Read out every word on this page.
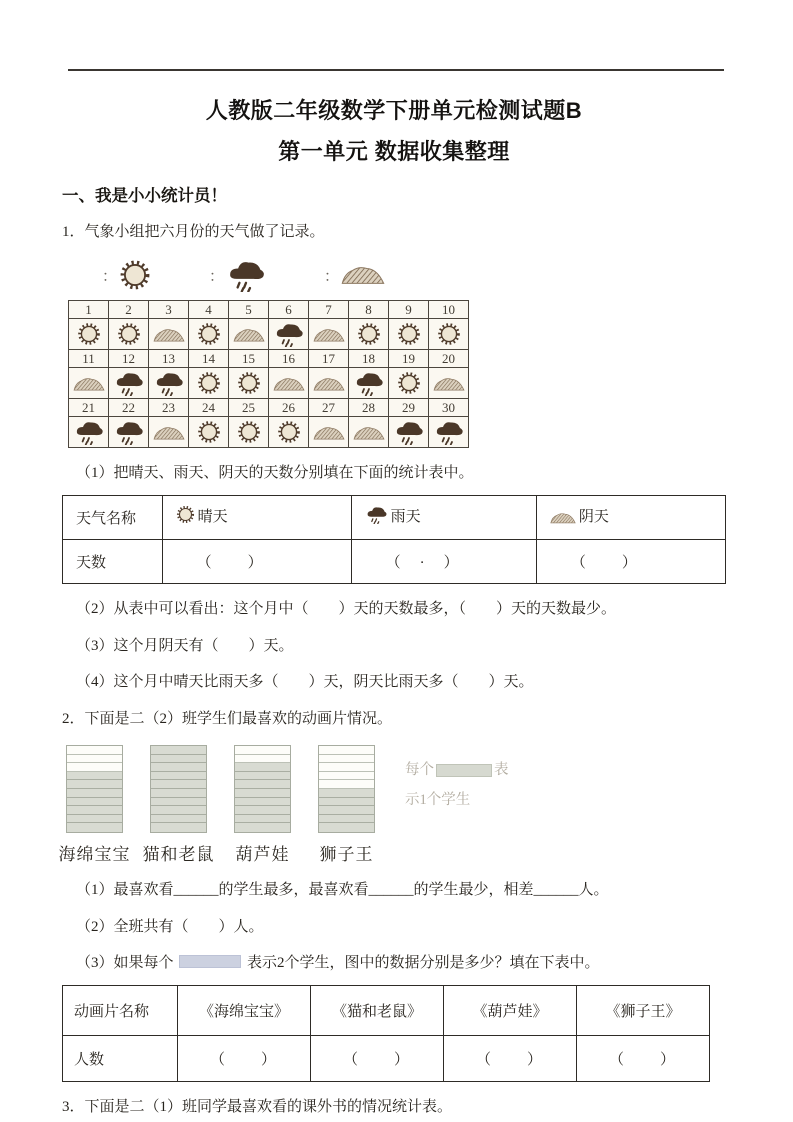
人教版二年级数学下册单元检测试题B
第一单元 数据收集整理
一、我是小小统计员！

1．气象小组把六月份的天气做了记录。

：	：	：
1	2	3	4	5	6	7	8	9	10

11	12	13	14	15	16	17	18	19	20

21	22	23	24	25	26	27	28	29	30

（1）把晴天、雨天、阴天的天数分别填在下面的统计表中。

天气名称	晴天	雨天	阴天
天数	（　　）	（　·　）	（　　）

（2）从表中可以看出：这个月中（　　）天的天数最多，（　　）天的天数最少。

（3）这个月阴天有（　　）天。

（4）这个月中晴天比雨天多（　　）天，阴天比雨天多（　　）天。

2．下面是二（2）班学生们最喜欢的动画片情况。

海绵宝宝 猫和老鼠 葫芦娃 狮子王
每个	表
示1个学生

（1）最喜欢看______的学生最多，最喜欢看______的学生最少，相差______人。

（2）全班共有（　　）人。

（3）如果每个	表示2个学生，图中的数据分别是多少？填在下表中。

动画片名称	《海绵宝宝》	《猫和老鼠》	《葫芦娃》	《狮子王》
人数	（　　）	（　　）	（　　）	（　　）

3．下面是二（1）班同学最喜欢看的课外书的情况统计表。
